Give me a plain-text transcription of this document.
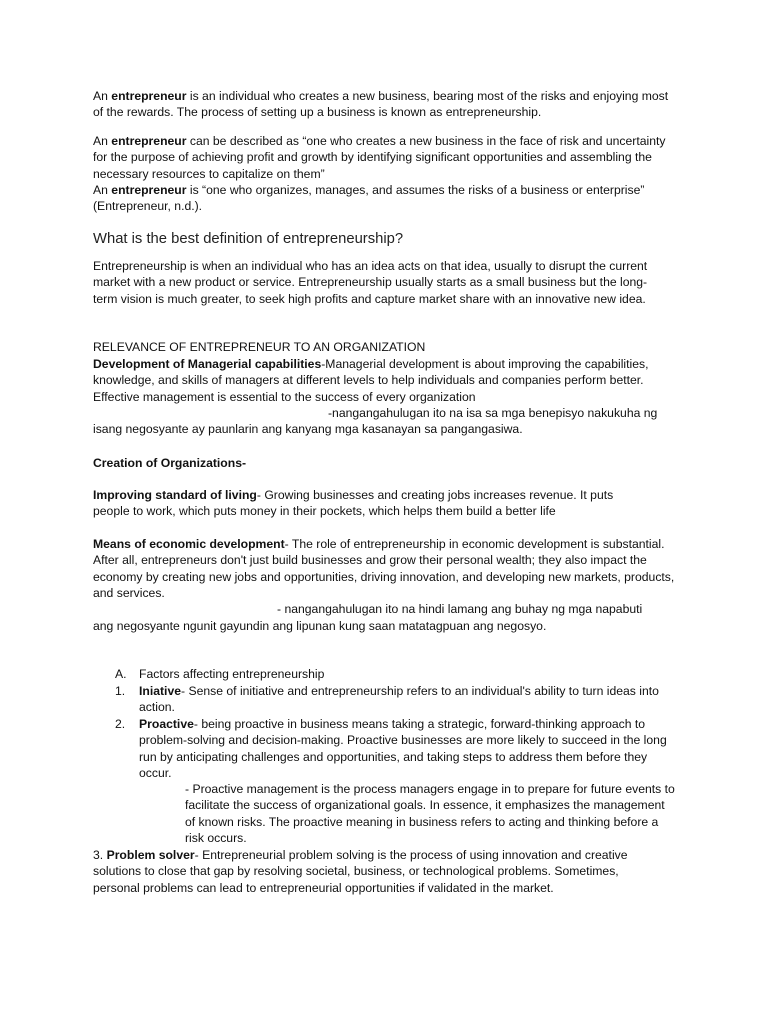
An entrepreneur is an individual who creates a new business, bearing most of the risks and enjoying most of the rewards. The process of setting up a business is known as entrepreneurship.

An entrepreneur can be described as “one who creates a new business in the face of risk and uncertainty for the purpose of achieving profit and growth by identifying significant opportunities and assembling the necessary resources to capitalize on them”

An entrepreneur is “one who organizes, manages, and assumes the risks of a business or enterprise” (Entrepreneur, n.d.).

What is the best definition of entrepreneurship?

Entrepreneurship is when an individual who has an idea acts on that idea, usually to disrupt the current market with a new product or service. Entrepreneurship usually starts as a small business but the long-term vision is much greater, to seek high profits and capture market share with an innovative new idea.

RELEVANCE OF ENTREPRENEUR TO AN ORGANIZATION

Development of Managerial capabilities-Managerial development is about improving the capabilities, knowledge, and skills of managers at different levels to help individuals and companies perform better. Effective management is essential to the success of every organization

-nangangahulugan ito na isa sa mga benepisyo nakukuha ng

isang negosyante ay paunlarin ang kanyang mga kasanayan sa pangangasiwa.

Creation of Organizations-

Improving standard of living- Growing businesses and creating jobs increases revenue. It puts people to work, which puts money in their pockets, which helps them build a better life

Means of economic development- The role of entrepreneurship in economic development is substantial. After all, entrepreneurs don't just build businesses and grow their personal wealth; they also impact the economy by creating new jobs and opportunities, driving innovation, and developing new markets, products, and services.

- nangangahulugan ito na hindi lamang ang buhay ng mga napabuti

ang negosyante ngunit gayundin ang lipunan kung saan matatagpuan ang negosyo.

A. Factors affecting entrepreneurship

1. Iniative- Sense of initiative and entrepreneurship refers to an individual's ability to turn ideas into action.

2. Proactive- being proactive in business means taking a strategic, forward-thinking approach to problem-solving and decision-making. Proactive businesses are more likely to succeed in the long run by anticipating challenges and opportunities, and taking steps to address them before they occur.

- Proactive management is the process managers engage in to prepare for future events to facilitate the success of organizational goals. In essence, it emphasizes the management of known risks. The proactive meaning in business refers to acting and thinking before a risk occurs.

3. Problem solver- Entrepreneurial problem solving is the process of using innovation and creative solutions to close that gap by resolving societal, business, or technological problems. Sometimes, personal problems can lead to entrepreneurial opportunities if validated in the market.
